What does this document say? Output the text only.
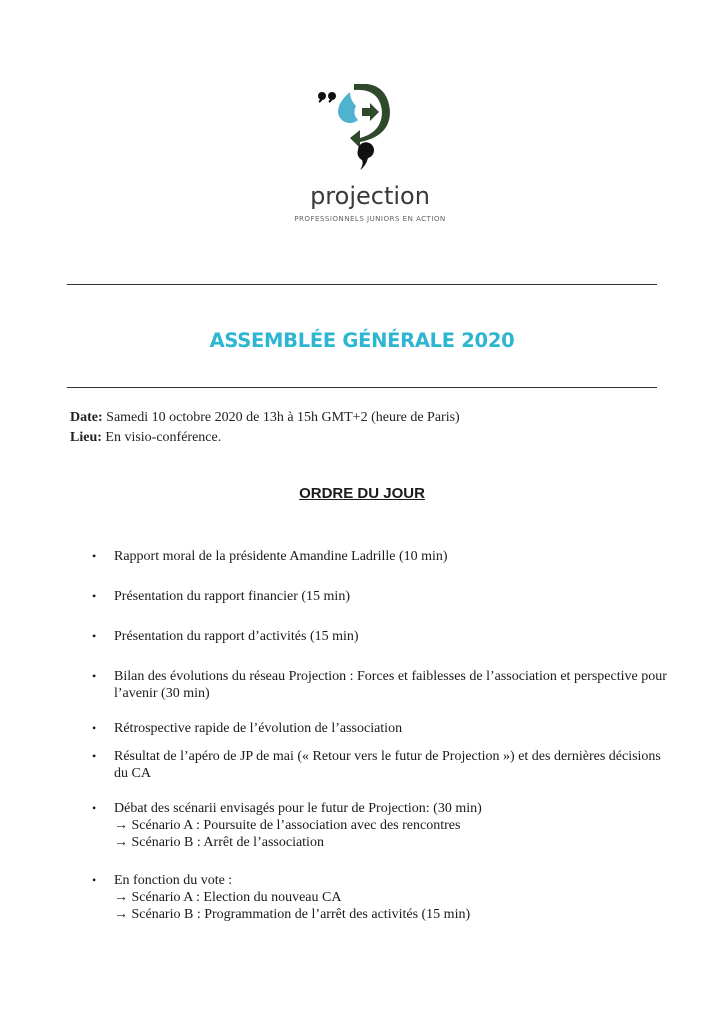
projection
PROFESSIONNELS JUNIORS EN ACTION
ASSEMBLÉE GÉNÉRALE 2020
Date: Samedi 10 octobre 2020 de 13h à 15h GMT+2 (heure de Paris)
Lieu: En visio-conférence.
ORDRE DU JOUR
• Rapport moral de la présidente Amandine Ladrille (10 min)
• Présentation du rapport financier (15 min)
• Présentation du rapport d’activités (15 min)
• Bilan des évolutions du réseau Projection : Forces et faiblesses de l’association et perspective pour l’avenir (30 min)
• Rétrospective rapide de l’évolution de l’association
• Résultat de l’apéro de JP de mai (« Retour vers le futur de Projection ») et des dernières décisions du CA
• Débat des scénarii envisagés pour le futur de Projection: (30 min)
→ Scénario A : Poursuite de l’association avec des rencontres
→ Scénario B : Arrêt de l’association
• En fonction du vote :
→ Scénario A : Election du nouveau CA
→ Scénario B : Programmation de l’arrêt des activités (15 min)
